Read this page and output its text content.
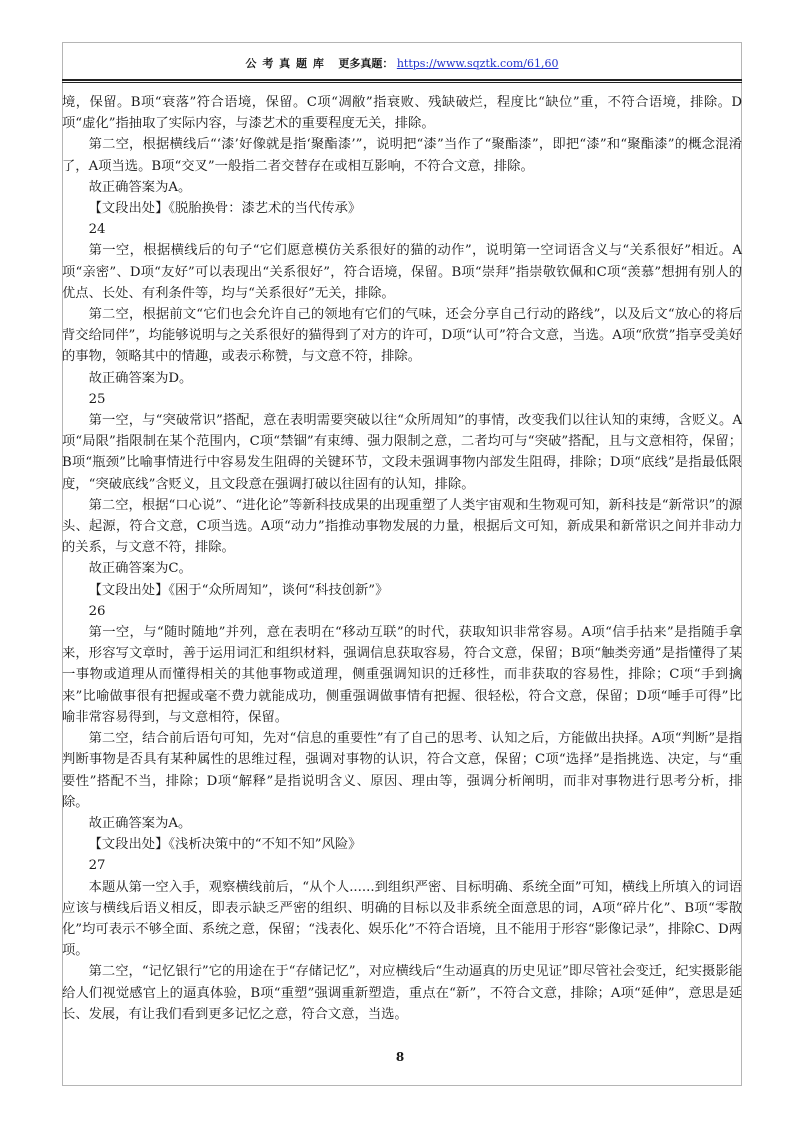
公 考 真 题 库 更多真题： https://www.sqztk.com/61,60

境，保留。B项“衰落”符合语境，保留。C项“凋敝”指衰败、残缺破烂，程度比“缺位”重，不符合语境，排除。D项“虚化”指抽取了实际内容，与漆艺术的重要程度无关，排除。

第二空，根据横线后“‘漆’好像就是指‘聚酯漆’”，说明把“漆”当作了“聚酯漆”，即把“漆”和“聚酯漆”的概念混淆了，A项当选。B项“交叉”一般指二者交替存在或相互影响，不符合文意，排除。

故正确答案为A。

【文段出处】《脱胎换骨：漆艺术的当代传承》

24

第一空，根据横线后的句子“它们愿意模仿关系很好的猫的动作”，说明第一空词语含义与“关系很好”相近。A项“亲密”、D项“友好”可以表现出“关系很好”，符合语境，保留。B项“崇拜”指崇敬钦佩和C项“羡慕”想拥有别人的优点、长处、有利条件等，均与“关系很好”无关，排除。

第二空，根据前文“它们也会允许自己的领地有它们的气味，还会分享自己行动的路线”，以及后文“放心的将后背交给同伴”，均能够说明与之关系很好的猫得到了对方的许可，D项“认可”符合文意，当选。A项“欣赏”指享受美好的事物，领略其中的情趣，或表示称赞，与文意不符，排除。

故正确答案为D。

25

第一空，与“突破常识”搭配，意在表明需要突破以往“众所周知”的事情，改变我们以往认知的束缚，含贬义。A项“局限”指限制在某个范围内，C项“禁锢”有束缚、强力限制之意，二者均可与“突破”搭配，且与文意相符，保留；B项“瓶颈”比喻事情进行中容易发生阻碍的关键环节，文段未强调事物内部发生阻碍，排除；D项“底线”是指最低限度，“突破底线”含贬义，且文段意在强调打破以往固有的认知，排除。

第二空，根据“口心说”、“进化论”等新科技成果的出现重塑了人类宇宙观和生物观可知，新科技是“新常识”的源头、起源，符合文意，C项当选。A项“动力”指推动事物发展的力量，根据后文可知，新成果和新常识之间并非动力的关系，与文意不符，排除。

故正确答案为C。

【文段出处】《困于“众所周知”，谈何“科技创新”》

26

第一空，与“随时随地”并列，意在表明在“移动互联”的时代，获取知识非常容易。A项“信手拈来”是指随手拿来，形容写文章时，善于运用词汇和组织材料，强调信息获取容易，符合文意，保留；B项“触类旁通”是指懂得了某一事物或道理从而懂得相关的其他事物或道理，侧重强调知识的迁移性，而非获取的容易性，排除；C项“手到擒来”比喻做事很有把握或毫不费力就能成功，侧重强调做事情有把握、很轻松，符合文意，保留；D项“唾手可得”比喻非常容易得到，与文意相符，保留。

第二空，结合前后语句可知，先对“信息的重要性”有了自己的思考、认知之后，方能做出抉择。A项“判断”是指判断事物是否具有某种属性的思维过程，强调对事物的认识，符合文意，保留；C项“选择”是指挑选、决定，与“重要性”搭配不当，排除；D项“解释”是指说明含义、原因、理由等，强调分析阐明，而非对事物进行思考分析，排除。

故正确答案为A。

【文段出处】《浅析决策中的“不知不知”风险》

27

本题从第一空入手，观察横线前后，“从个人......到组织严密、目标明确、系统全面”可知，横线上所填入的词语应该与横线后语义相反，即表示缺乏严密的组织、明确的目标以及非系统全面意思的词，A项“碎片化”、B项“零散化”均可表示不够全面、系统之意，保留；“浅表化、娱乐化”不符合语境，且不能用于形容“影像记录”，排除C、D两项。

第二空，“记忆银行”它的用途在于“存储记忆”，对应横线后“生动逼真的历史见证”即尽管社会变迁，纪实摄影能给人们视觉感官上的逼真体验，B项“重塑”强调重新塑造，重点在“新”，不符合文意，排除；A项“延伸”，意思是延长、发展，有让我们看到更多记忆之意，符合文意，当选。

8
